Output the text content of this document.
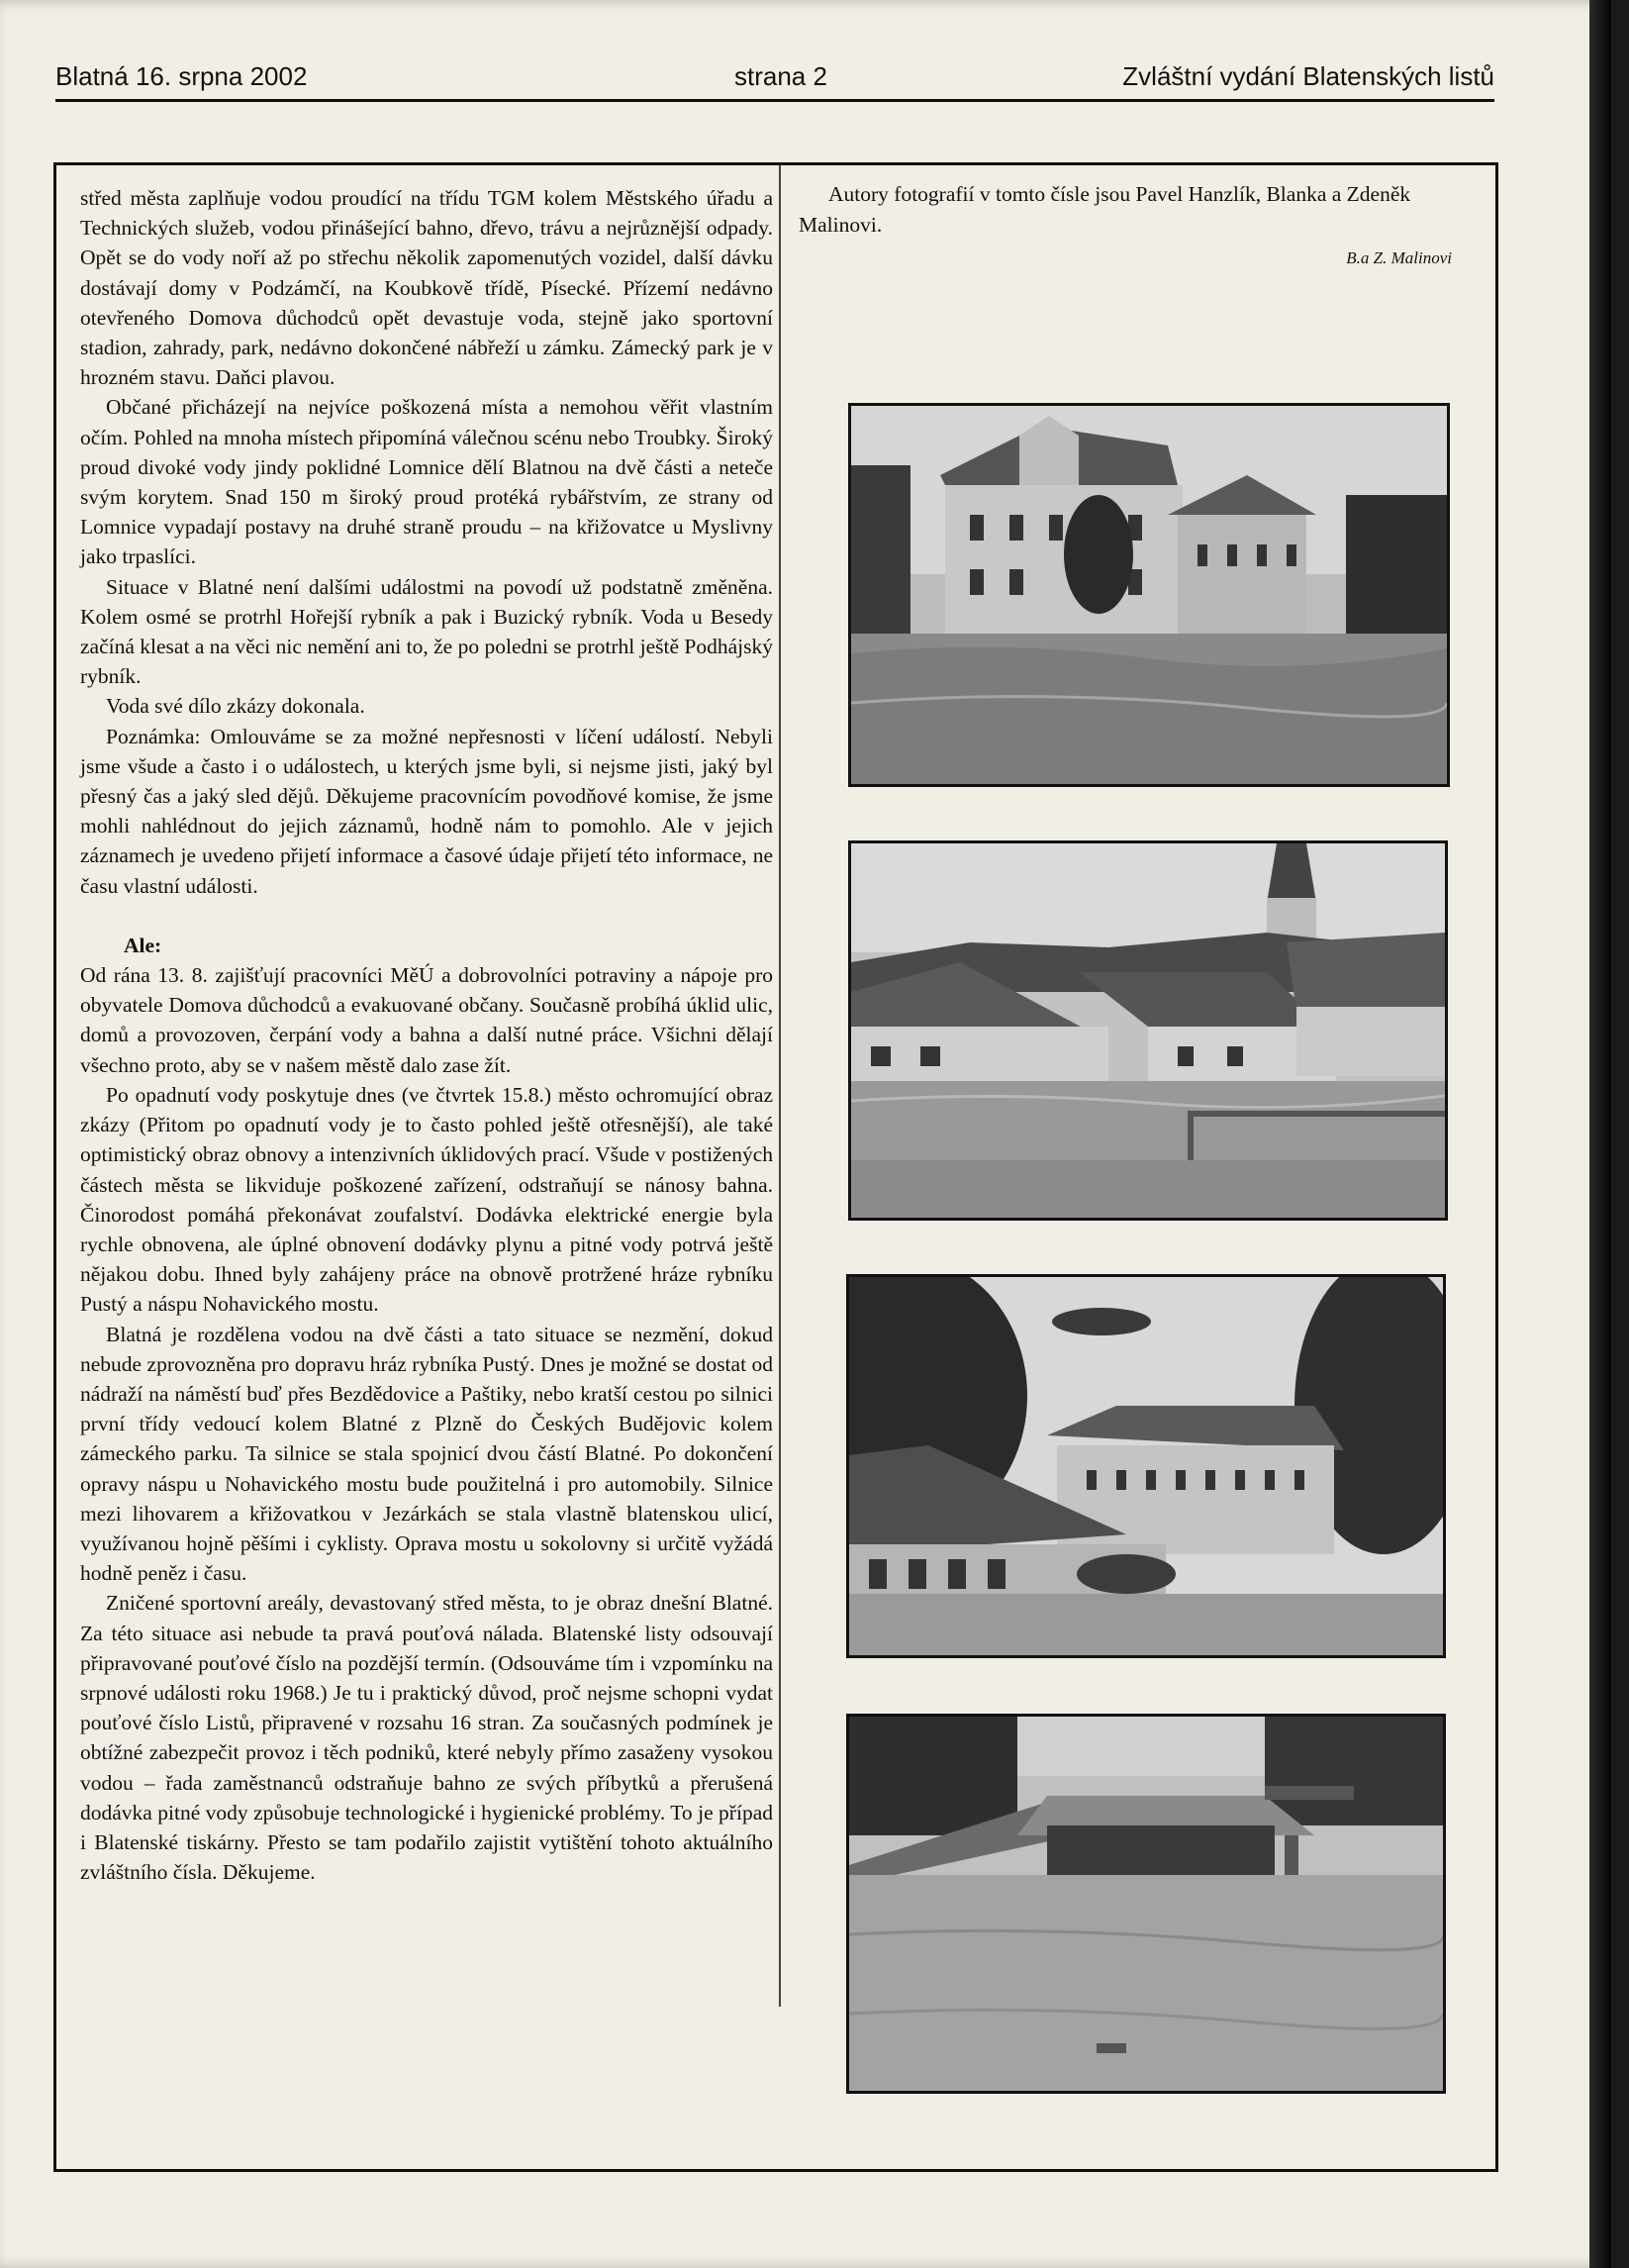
Blatná 16. srpna 2002	strana 2	Zvláštní vydání Blatenských listů

střed města zaplňuje vodou proudící na třídu TGM kolem Městského úřadu a Technických služeb, vodou přinášející bahno, dřevo, trávu a nejrůznější odpady. Opět se do vody noří až po střechu několik zapomenutých vozidel, další dávku dostávají domy v Podzámčí, na Koubkově třídě, Písecké. Přízemí nedávno otevřeného Domova důchodců opět devastuje voda, stejně jako sportovní stadion, zahrady, park, nedávno dokončené nábřeží u zámku. Zámecký park je v hrozném stavu. Daňci plavou.

Občané přicházejí na nejvíce poškozená místa a nemohou věřit vlastním očím. Pohled na mnoha místech připomíná válečnou scénu nebo Troubky. Široký proud divoké vody jindy poklidné Lomnice dělí Blatnou na dvě části a neteče svým korytem. Snad 150 m široký proud protéká rybářstvím, ze strany od Lomnice vypadají postavy na druhé straně proudu – na křižovatce u Myslivny jako trpaslíci.

Situace v Blatné není dalšími událostmi na povodí už podstatně změněna. Kolem osmé se protrhl Hořejší rybník a pak i Buzický rybník. Voda u Besedy začíná klesat a na věci nic nemění ani to, že po poledni se protrhl ještě Podhájský rybník.

Voda své dílo zkázy dokonala.

Poznámka: Omlouváme se za možné nepřesnosti v líčení událostí. Nebyli jsme všude a často i o událostech, u kterých jsme byli, si nejsme jisti, jaký byl přesný čas a jaký sled dějů. Děkujeme pracovnícím povodňové komise, že jsme mohli nahlédnout do jejich záznamů, hodně nám to pomohlo. Ale v jejich záznamech je uvedeno přijetí informace a časové údaje přijetí této informace, ne času vlastní události.

Ale:

Od rána 13. 8. zajišťují pracovníci MěÚ a dobrovolníci potraviny a nápoje pro obyvatele Domova důchodců a evakuované občany. Současně probíhá úklid ulic, domů a provozoven, čerpání vody a bahna a další nutné práce. Všichni dělají všechno proto, aby se v našem městě dalo zase žít.

Po opadnutí vody poskytuje dnes (ve čtvrtek 15.8.) město ochromující obraz zkázy (Přitom po opadnutí vody je to často pohled ještě otřesnější), ale také optimistický obraz obnovy a intenzivních úklidových prací. Všude v postižených částech města se likviduje poškozené zařízení, odstraňují se nánosy bahna. Činorodost pomáhá překonávat zoufalství. Dodávka elektrické energie byla rychle obnovena, ale úplné obnovení dodávky plynu a pitné vody potrvá ještě nějakou dobu. Ihned byly zahájeny práce na obnově protržené hráze rybníku Pustý a náspu Nohavického mostu.

Blatná je rozdělena vodou na dvě části a tato situace se nezmění, dokud nebude zprovozněna pro dopravu hráz rybníka Pustý. Dnes je možné se dostat od nádraží na náměstí buď přes Bezdědovice a Paštiky, nebo kratší cestou po silnici první třídy vedoucí kolem Blatné z Plzně do Českých Budějovic kolem zámeckého parku. Ta silnice se stala spojnicí dvou částí Blatné. Po dokončení opravy náspu u Nohavického mostu bude použitelná i pro automobily. Silnice mezi lihovarem a křižovatkou v Jezárkách se stala vlastně blatenskou ulicí, využívanou hojně pěšími i cyklisty. Oprava mostu u sokolovny si určitě vyžádá hodně peněz i času.

Zničené sportovní areály, devastovaný střed města, to je obraz dnešní Blatné. Za této situace asi nebude ta pravá pouťová nálada. Blatenské listy odsouvají připravované pouťové číslo na pozdější termín. (Odsouváme tím i vzpomínku na srpnové události roku 1968.) Je tu i praktický důvod, proč nejsme schopni vydat pouťové číslo Listů, připravené v rozsahu 16 stran. Za současných podmínek je obtížné zabezpečit provoz i těch podniků, které nebyly přímo zasaženy vysokou vodou – řada zaměstnanců odstraňuje bahno ze svých příbytků a přerušená dodávka pitné vody způsobuje technologické i hygienické problémy. To je případ i Blatenské tiskárny. Přesto se tam podařilo zajistit vytištění tohoto aktuálního zvláštního čísla. Děkujeme.

Autory fotografií v tomto čísle jsou Pavel Hanzlík, Blanka a Zdeněk Malinovi.

B.a Z. Malinovi
